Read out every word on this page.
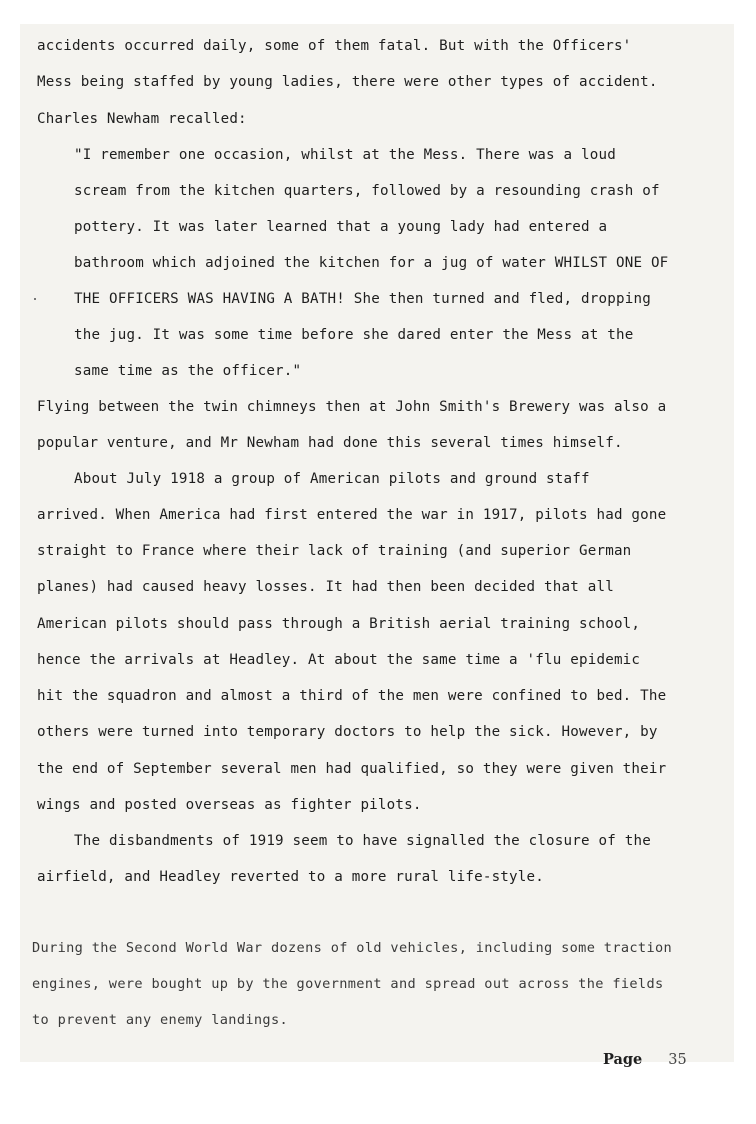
accidents occurred daily, some of them fatal. But with the Officers'
Mess being staffed by young ladies, there were other types of accident.
Charles Newham recalled:
"I remember one occasion, whilst at the Mess. There was a loud
scream from the kitchen quarters, followed by a resounding crash of
pottery. It was later learned that a young lady had entered a
bathroom which adjoined the kitchen for a jug of water WHILST ONE OF
THE OFFICERS WAS HAVING A BATH! She then turned and fled, dropping
the jug. It was some time before she dared enter the Mess at the
same time as the officer."
Flying between the twin chimneys then at John Smith's Brewery was also a
popular venture, and Mr Newham had done this several times himself.
About July 1918 a group of American pilots and ground staff
arrived. When America had first entered the war in 1917, pilots had gone
straight to France where their lack of training (and superior German
planes) had caused heavy losses. It had then been decided that all
American pilots should pass through a British aerial training school,
hence the arrivals at Headley. At about the same time a 'flu epidemic
hit the squadron and almost a third of the men were confined to bed. The
others were turned into temporary doctors to help the sick. However, by
the end of September several men had qualified, so they were given their
wings and posted overseas as fighter pilots.
The disbandments of 1919 seem to have signalled the closure of the
airfield, and Headley reverted to a more rural life-style.
During the Second World War dozens of old vehicles, including some traction
engines, were bought up by the government and spread out across the fields
to prevent any enemy landings.
Page 35
